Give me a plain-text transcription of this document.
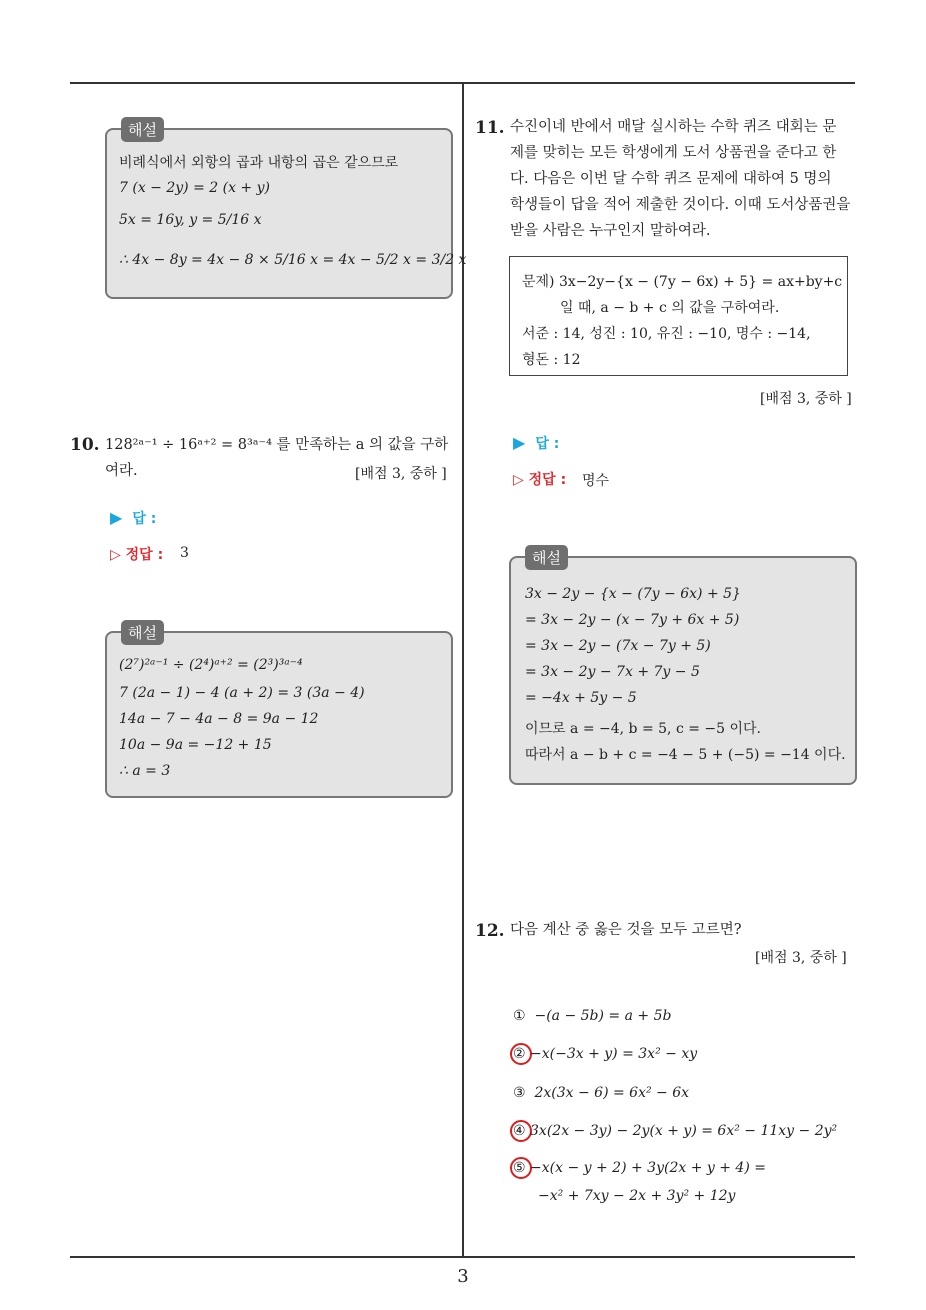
해설
비례식에서 외항의 곱과 내항의 곱은 같으므로
7 (x − 2y) = 2 (x + y)
5x = 16y, y = 5/16 x
∴ 4x − 8y = 4x − 8 × 5/16 x = 4x − 5/2 x = 3/2 x
10. 128²ᵃ⁻¹ ÷ 16ᵃ⁺² = 8³ᵃ⁻⁴ 를 만족하는 a 의 값을 구하
여라.	[배점 3, 중하 ]
▶ 답 :
▷ 정답 : 3
해설
(2⁷)²ᵃ⁻¹ ÷ (2⁴)ᵃ⁺² = (2³)³ᵃ⁻⁴
7 (2a − 1) − 4 (a + 2) = 3 (3a − 4)
14a − 7 − 4a − 8 = 9a − 12
10a − 9a = −12 + 15
∴ a = 3
11. 수진이네 반에서 매달 실시하는 수학 퀴즈 대회는 문
제를 맞히는 모든 학생에게 도서 상품권을 준다고 한
다. 다음은 이번 달 수학 퀴즈 문제에 대하여 5 명의
학생들이 답을 적어 제출한 것이다. 이때 도서상품권을
받을 사람은 누구인지 말하여라.
문제) 3x−2y−{x − (7y − 6x) + 5} = ax+by+c
일 때, a − b + c 의 값을 구하여라.
서준 : 14, 성진 : 10, 유진 : −10, 명수 : −14,
형돈 : 12
[배점 3, 중하 ]
▶ 답 :
▷ 정답 : 명수
해설
3x − 2y − {x − (7y − 6x) + 5}
= 3x − 2y − (x − 7y + 6x + 5)
= 3x − 2y − (7x − 7y + 5)
= 3x − 2y − 7x + 7y − 5
= −4x + 5y − 5
이므로 a = −4, b = 5, c = −5 이다.
따라서 a − b + c = −4 − 5 + (−5) = −14 이다.
12. 다음 계산 중 옳은 것을 모두 고르면?
[배점 3, 중하 ]
① −(a − 5b) = a + 5b
② −x(−3x + y) = 3x² − xy
③ 2x(3x − 6) = 6x² − 6x
④ 3x(2x − 3y) − 2y(x + y) = 6x² − 11xy − 2y²
⑤ −x(x − y + 2) + 3y(2x + y + 4) =
−x² + 7xy − 2x + 3y² + 12y
3
